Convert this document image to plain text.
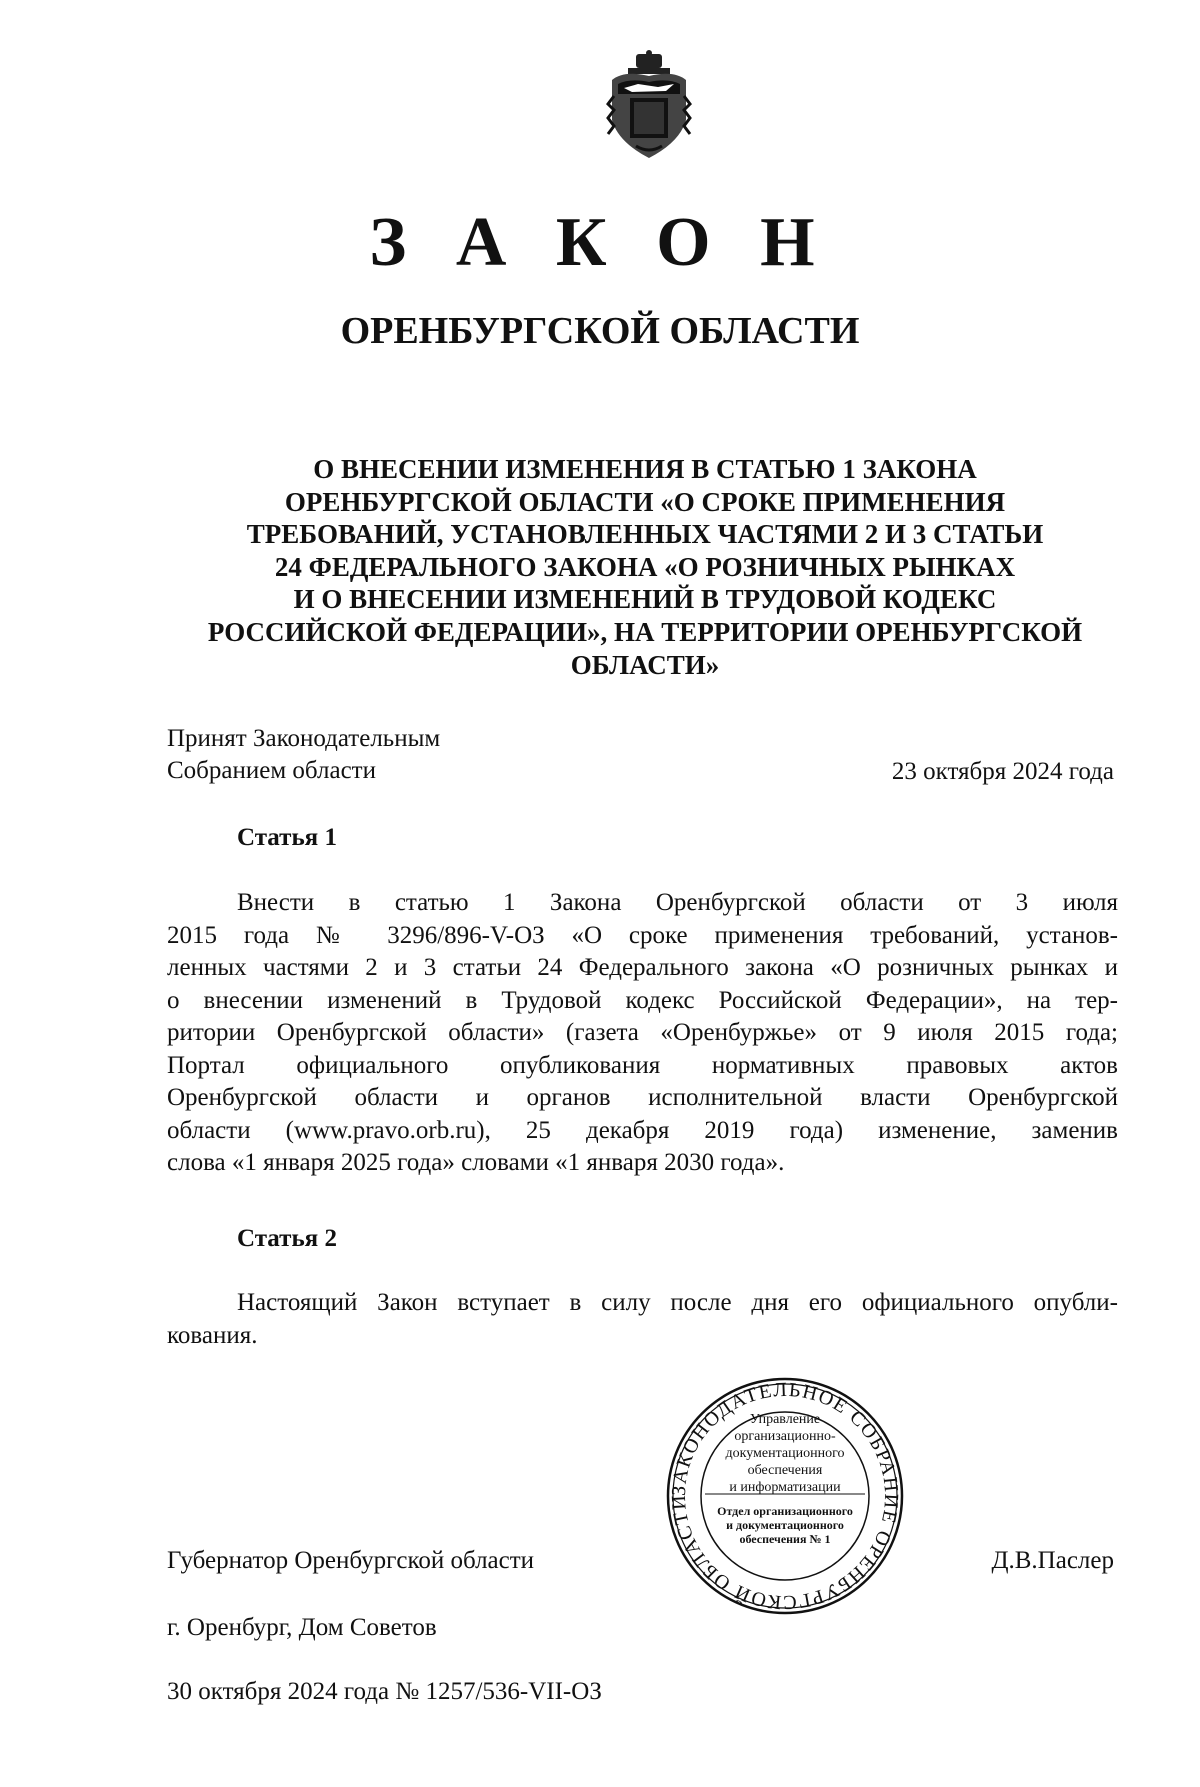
З А К О Н
ОРЕНБУРГСКОЙ ОБЛАСТИ
О ВНЕСЕНИИ ИЗМЕНЕНИЯ В СТАТЬЮ 1 ЗАКОНА
ОРЕНБУРГСКОЙ ОБЛАСТИ «О СРОКЕ ПРИМЕНЕНИЯ
ТРЕБОВАНИЙ, УСТАНОВЛЕННЫХ ЧАСТЯМИ 2 И 3 СТАТЬИ
24 ФЕДЕРАЛЬНОГО ЗАКОНА «О РОЗНИЧНЫХ РЫНКАХ
И О ВНЕСЕНИИ ИЗМЕНЕНИЙ В ТРУДОВОЙ КОДЕКС
РОССИЙСКОЙ ФЕДЕРАЦИИ», НА ТЕРРИТОРИИ ОРЕНБУРГСКОЙ
ОБЛАСТИ»
Принят Законодательным
Собранием области	23 октября 2024 года
Статья 1
Внести в статью 1 Закона Оренбургской области от 3 июля
2015 года № 3296/896-V-ОЗ «О сроке применения требований, установ-
ленных частями 2 и 3 статьи 24 Федерального закона «О розничных рынках и
о внесении изменений в Трудовой кодекс Российской Федерации», на тер-
ритории Оренбургской области» (газета «Оренбуржье» от 9 июля 2015 года;
Портал официального опубликования нормативных правовых актов
Оренбургской области и органов исполнительной власти Оренбургской
области (www.pravo.orb.ru), 25 декабря 2019 года) изменение, заменив
слова «1 января 2025 года» словами «1 января 2030 года».
Статья 2
Настоящий Закон вступает в силу после дня его официального опубли-
кования.
ЗАКОНОДАТЕЛЬНОЕ СОБРАНИЕ ОРЕНБУРГСКОЙ ОБЛАСТИ
Управление
организационно-
документационного
обеспечения
и информатизации
Отдел организационного
и документационного
обеспечения № 1
Губернатор Оренбургской области	Д.В.Паслер
г. Оренбург, Дом Советов
30 октября 2024 года № 1257/536-VII-ОЗ
